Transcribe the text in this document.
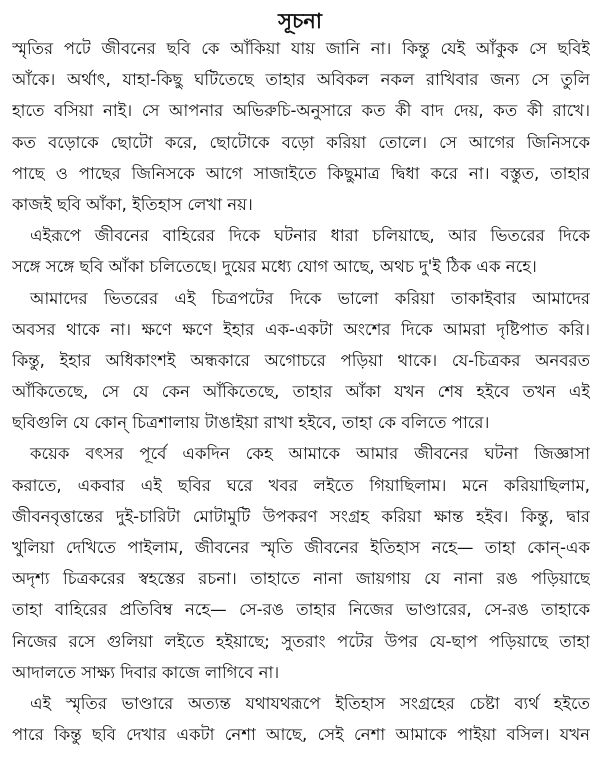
সূচনা
স্মৃতির পটে জীবনের ছবি কে আঁকিয়া যায় জানি না। কিন্তু যেই আঁকুক সে ছবিই
আঁকে। অর্থাৎ, যাহা-কিছু ঘটিতেছে তাহার অবিকল নকল রাখিবার জন্য সে তুলি
হাতে বসিয়া নাই। সে আপনার অভিরুচি-অনুসারে কত কী বাদ দেয়, কত কী রাখে।
কত বড়োকে ছোটো করে, ছোটোকে বড়ো করিয়া তোলে। সে আগের জিনিসকে
পাছে ও পাছের জিনিসকে আগে সাজাইতে কিছুমাত্র দ্বিধা করে না। বস্তুত, তাহার
কাজই ছবি আঁকা, ইতিহাস লেখা নয়।
এইরূপে জীবনের বাহিরের দিকে ঘটনার ধারা চলিয়াছে, আর ভিতরের দিকে
সঙ্গে সঙ্গে ছবি আঁকা চলিতেছে। দুয়ের মধ্যে যোগ আছে, অথচ দু'ই ঠিক এক নহে।
আমাদের ভিতরের এই চিত্রপটের দিকে ভালো করিয়া তাকাইবার আমাদের
অবসর থাকে না। ক্ষণে ক্ষণে ইহার এক-একটা অংশের দিকে আমরা দৃষ্টিপাত করি।
কিন্তু, ইহার অধিকাংশই অন্ধকারে অগোচরে পড়িয়া থাকে। যে-চিত্রকর অনবরত
আঁকিতেছে, সে যে কেন আঁকিতেছে, তাহার আঁকা যখন শেষ হইবে তখন এই
ছবিগুলি যে কোন্ চিত্রশালায় টাঙাইয়া রাখা হইবে, তাহা কে বলিতে পারে।
কয়েক বৎসর পূর্বে একদিন কেহ আমাকে আমার জীবনের ঘটনা জিজ্ঞাসা
করাতে, একবার এই ছবির ঘরে খবর লইতে গিয়াছিলাম। মনে করিয়াছিলাম,
জীবনবৃত্তান্তের দুই-চারিটা মোটামুটি উপকরণ সংগ্রহ করিয়া ক্ষান্ত হইব। কিন্তু, দ্বার
খুলিয়া দেখিতে পাইলাম, জীবনের স্মৃতি জীবনের ইতিহাস নহে— তাহা কোন্-এক
অদৃশ্য চিত্রকরের স্বহস্তের রচনা। তাহাতে নানা জায়গায় যে নানা রঙ পড়িয়াছে
তাহা বাহিরের প্রতিবিম্ব নহে— সে-রঙ তাহার নিজের ভাণ্ডারের, সে-রঙ তাহাকে
নিজের রসে গুলিয়া লইতে হইয়াছে; সুতরাং পটের উপর যে-ছাপ পড়িয়াছে তাহা
আদালতে সাক্ষ্য দিবার কাজে লাগিবে না।
এই স্মৃতির ভাণ্ডারে অত্যন্ত যথাযথরূপে ইতিহাস সংগ্রহের চেষ্টা ব্যর্থ হইতে
পারে কিন্তু ছবি দেখার একটা নেশা আছে, সেই নেশা আমাকে পাইয়া বসিল। যখন
